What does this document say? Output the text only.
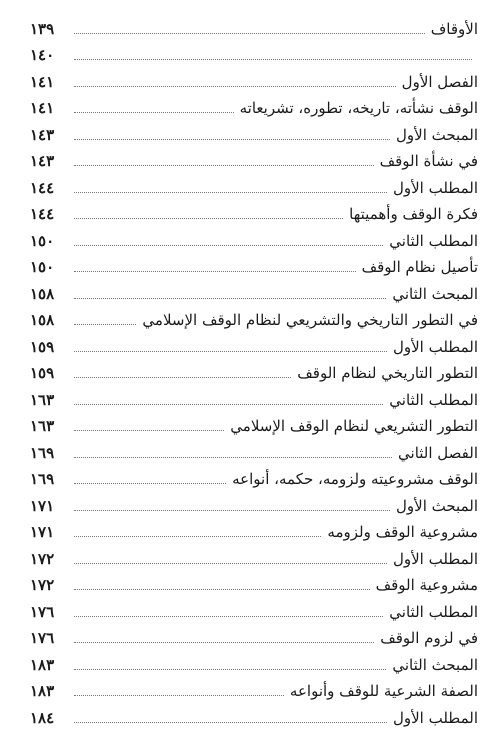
الأوقاف
١٣٩
١٤٠
الفصل الأول
١٤١
الوقف نشأته، تاريخه، تطوره، تشريعاته
١٤١
المبحث الأول
١٤٣
في نشأة الوقف
١٤٣
المطلب الأول
١٤٤
فكرة الوقف وأهميتها
١٤٤
المطلب الثاني
١٥٠
تأصيل نظام الوقف
١٥٠
المبحث الثاني
١٥٨
في التطور التاريخي والتشريعي لنظام الوقف الإسلامي
١٥٨
المطلب الأول
١٥٩
التطور التاريخي لنظام الوقف
١٥٩
المطلب الثاني
١٦٣
التطور التشريعي لنظام الوقف الإسلامي
١٦٣
الفصل الثاني
١٦٩
الوقف مشروعيته ولزومه، حكمه، أنواعه
١٦٩
المبحث الأول
١٧١
مشروعية الوقف ولزومه
١٧١
المطلب الأول
١٧٢
مشروعية الوقف
١٧٢
المطلب الثاني
١٧٦
في لزوم الوقف
١٧٦
المبحث الثاني
١٨٣
الصفة الشرعية للوقف وأنواعه
١٨٣
المطلب الأول
١٨٤
